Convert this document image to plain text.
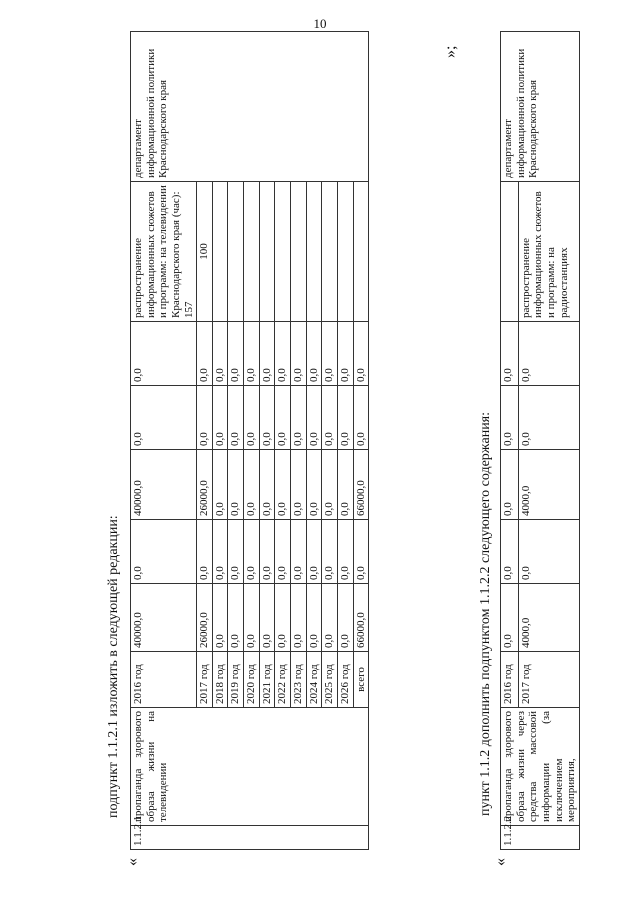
10
подпункт 1.1.2.1 изложить в следующей редакции:
«
»;
1.1.2.1	пропаганда здорового образа жизни на телевидении	2016 год	40000,0	0,0	40000,0	0,0	0,0	распространение информационных сюжетов и программ: на телевидении Краснодарского края (час): 157	департамент информационной политики Краснодарского края
		2017 год	26000,0	0,0	26000,0	0,0	0,0	100	
		2018 год	0,0	0,0	0,0	0,0	0,0		
		2019 год	0,0	0,0	0,0	0,0	0,0		
		2020 год	0,0	0,0	0,0	0,0	0,0		
		2021 год	0,0	0,0	0,0	0,0	0,0		
		2022 год	0,0	0,0	0,0	0,0	0,0		
		2023 год	0,0	0,0	0,0	0,0	0,0		
		2024 год	0,0	0,0	0,0	0,0	0,0		
		2025 год	0,0	0,0	0,0	0,0	0,0		
		2026 год	0,0	0,0	0,0	0,0	0,0		
		всего	66000,0	0,0	66000,0	0,0	0,0		
пункт 1.1.2 дополнить подпунктом 1.1.2.2 следующего содержания:
«
1.1.2.2	пропаганда здорового образа жизни через средства массовой информации (за исключением мероприятия,	2016 год	0,0	0,0	0,0	0,0	0,0		департамент информационной политики Краснодарского края
		2017 год	4000,0	0,0	4000,0	0,0	0,0	распространение информационных сюжетов и программ: на радиостанциях	
